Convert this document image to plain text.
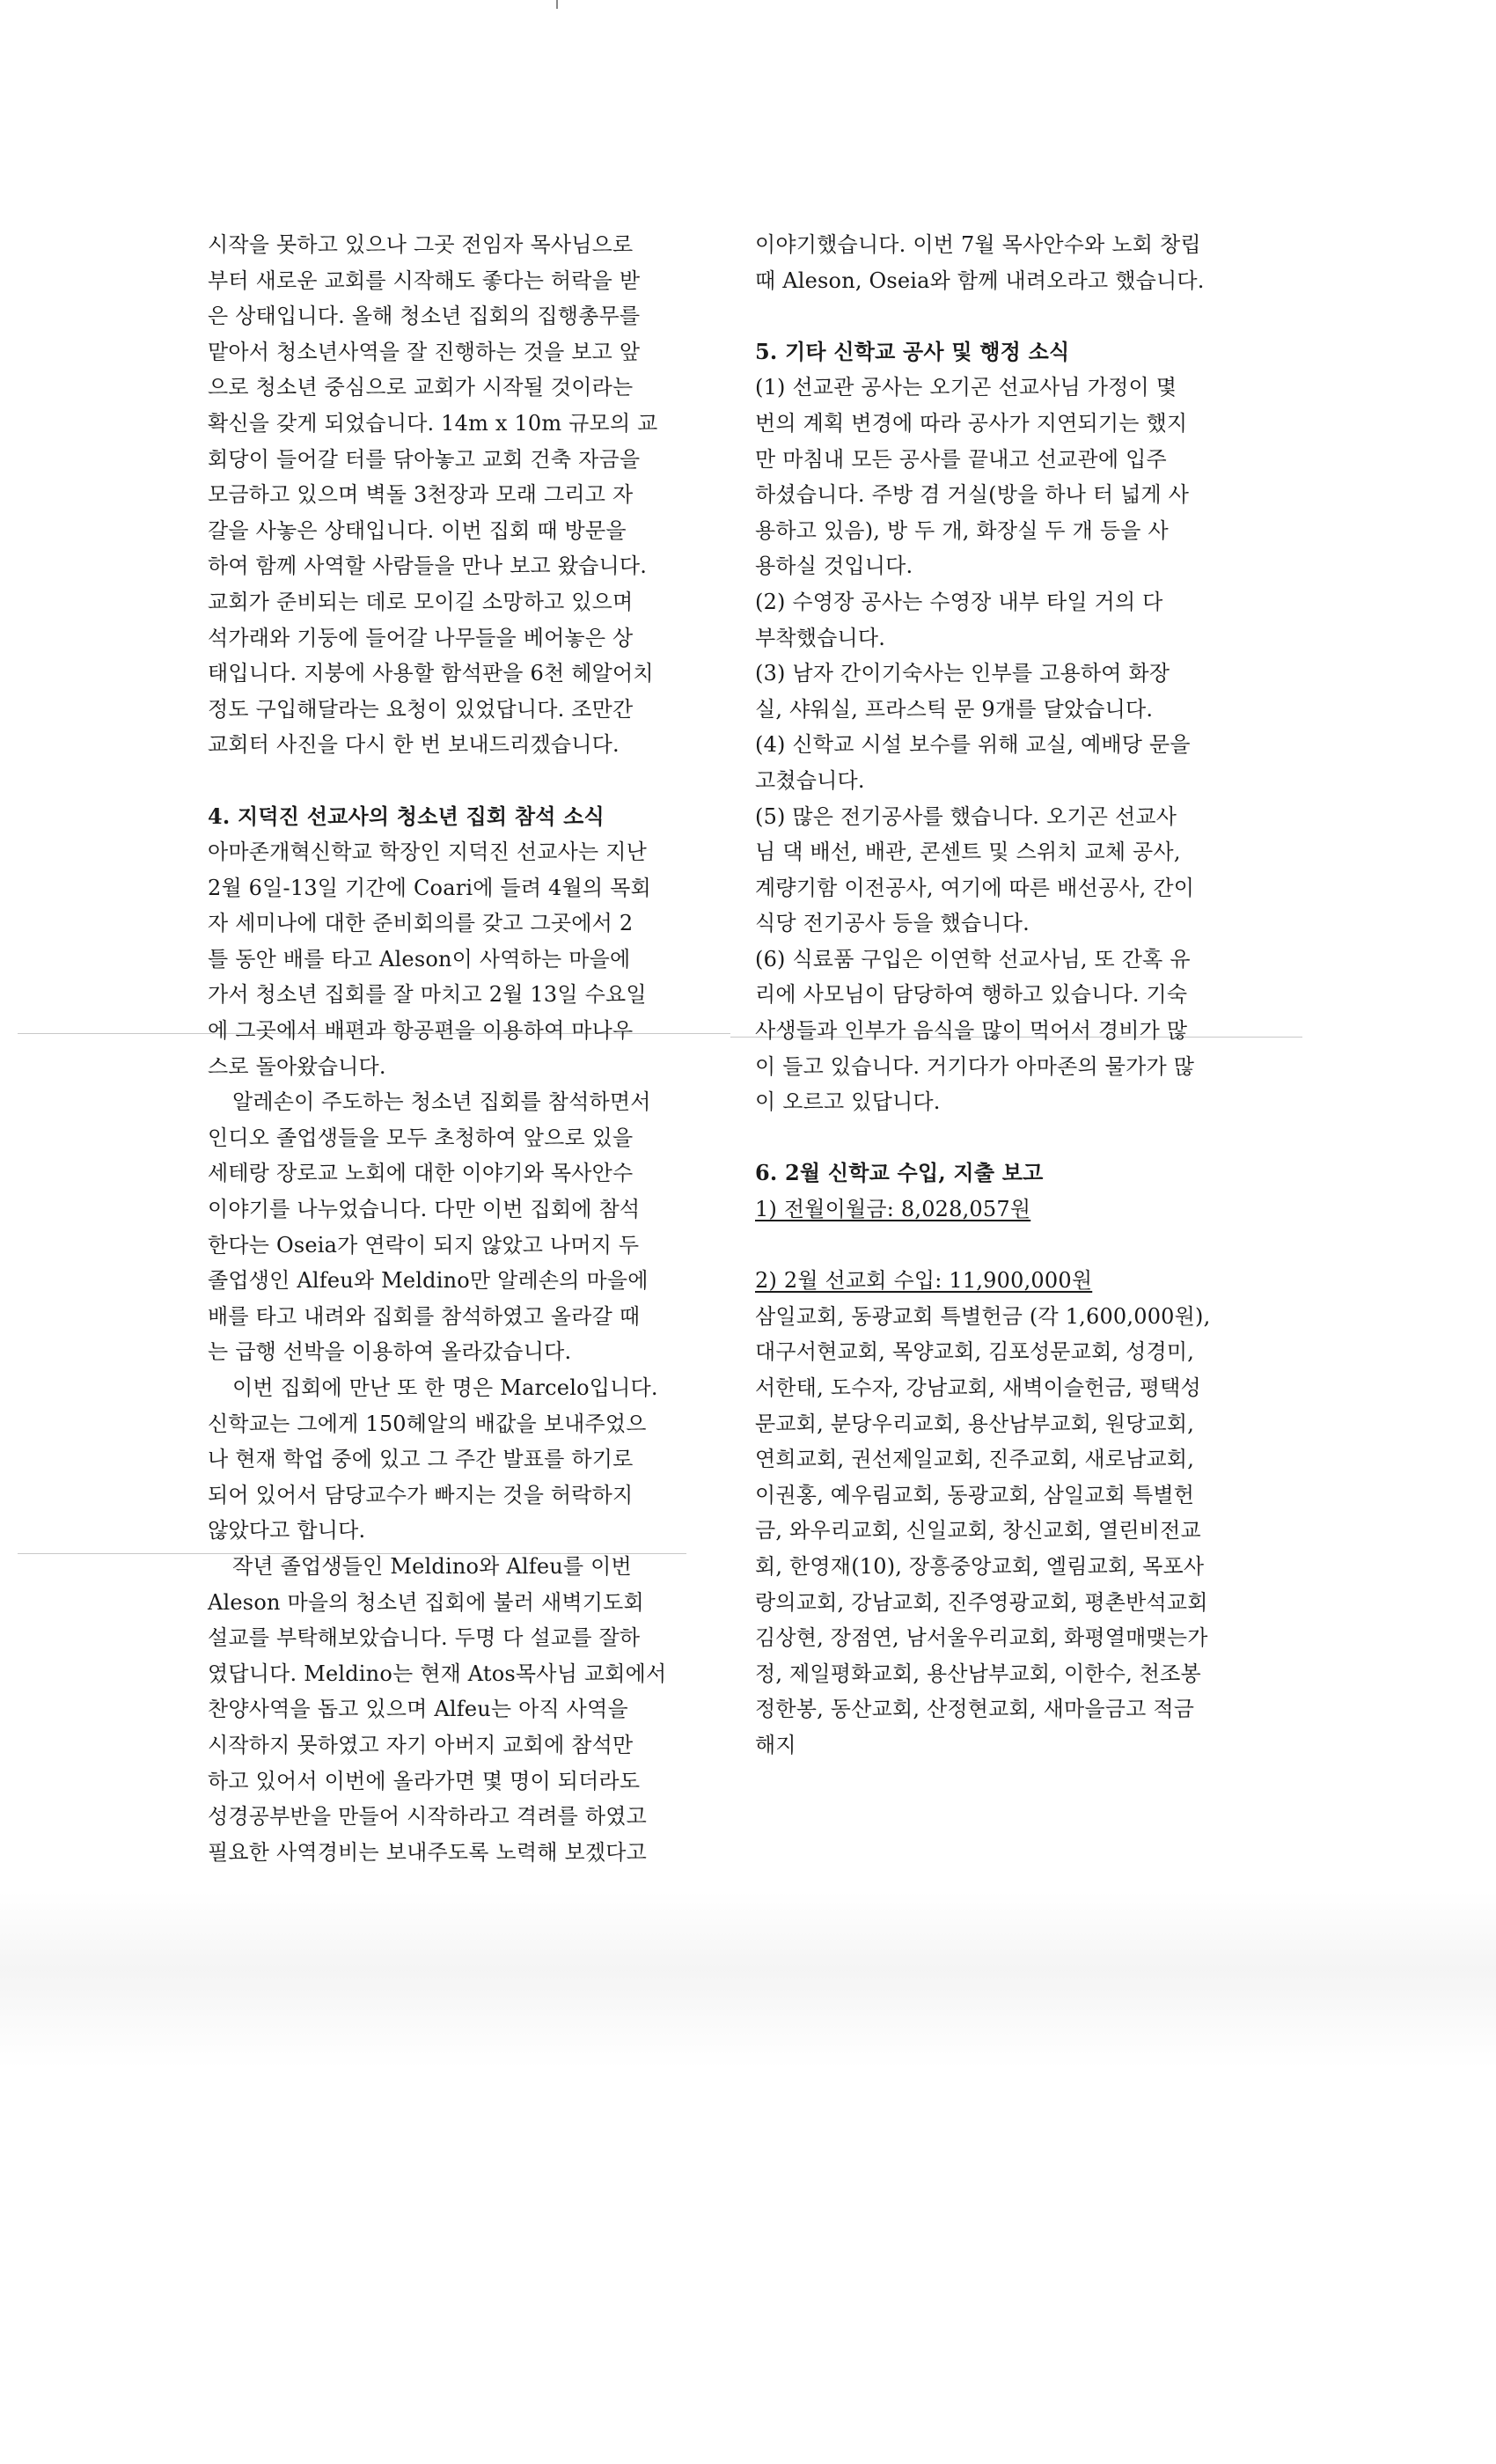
시작을 못하고 있으나 그곳 전임자 목사님으로
부터 새로운 교회를 시작해도 좋다는 허락을 받
은 상태입니다. 올해 청소년 집회의 집행총무를
맡아서 청소년사역을 잘 진행하는 것을 보고 앞
으로 청소년 중심으로 교회가 시작될 것이라는
확신을 갖게 되었습니다. 14m x 10m 규모의 교
회당이 들어갈 터를 닦아놓고 교회 건축 자금을
모금하고 있으며 벽돌 3천장과 모래 그리고 자
갈을 사놓은 상태입니다. 이번 집회 때 방문을
하여 함께 사역할 사람들을 만나 보고 왔습니다.
교회가 준비되는 데로 모이길 소망하고 있으며
석가래와 기둥에 들어갈 나무들을 베어놓은 상
태입니다. 지붕에 사용할 함석판을 6천 헤알어치
정도 구입해달라는 요청이 있었답니다. 조만간
교회터 사진을 다시 한 번 보내드리겠습니다.
4. 지덕진 선교사의 청소년 집회 참석 소식
아마존개혁신학교 학장인 지덕진 선교사는 지난
2월 6일-13일 기간에 Coari에 들려 4월의 목회
자 세미나에 대한 준비회의를 갖고 그곳에서 2
틀 동안 배를 타고 Aleson이 사역하는 마을에
가서 청소년 집회를 잘 마치고 2월 13일 수요일
에 그곳에서 배편과 항공편을 이용하여 마나우
스로 돌아왔습니다.
알레손이 주도하는 청소년 집회를 참석하면서
인디오 졸업생들을 모두 초청하여 앞으로 있을
세테랑 장로교 노회에 대한 이야기와 목사안수
이야기를 나누었습니다. 다만 이번 집회에 참석
한다는 Oseia가 연락이 되지 않았고 나머지 두
졸업생인 Alfeu와 Meldino만 알레손의 마을에
배를 타고 내려와 집회를 참석하였고 올라갈 때
는 급행 선박을 이용하여 올라갔습니다.
이번 집회에 만난 또 한 명은 Marcelo입니다.
신학교는 그에게 150헤알의 배값을 보내주었으
나 현재 학업 중에 있고 그 주간 발표를 하기로
되어 있어서 담당교수가 빠지는 것을 허락하지
않았다고 합니다.
작년 졸업생들인 Meldino와 Alfeu를 이번
Aleson 마을의 청소년 집회에 불러 새벽기도회
설교를 부탁해보았습니다. 두명 다 설교를 잘하
였답니다. Meldino는 현재 Atos목사님 교회에서
찬양사역을 돕고 있으며 Alfeu는 아직 사역을
시작하지 못하였고 자기 아버지 교회에 참석만
하고 있어서 이번에 올라가면 몇 명이 되더라도
성경공부반을 만들어 시작하라고 격려를 하였고
필요한 사역경비는 보내주도록 노력해 보겠다고
이야기했습니다. 이번 7월 목사안수와 노회 창립
때 Aleson, Oseia와 함께 내려오라고 했습니다.
5. 기타 신학교 공사 및 행정 소식
(1) 선교관 공사는 오기곤 선교사님 가정이 몇
번의 계획 변경에 따라 공사가 지연되기는 했지
만 마침내 모든 공사를 끝내고 선교관에 입주
하셨습니다. 주방 겸 거실(방을 하나 터 넓게 사
용하고 있음), 방 두 개, 화장실 두 개 등을 사
용하실 것입니다.
(2) 수영장 공사는 수영장 내부 타일 거의 다
부착했습니다.
(3) 남자 간이기숙사는 인부를 고용하여 화장
실, 샤워실, 프라스틱 문 9개를 달았습니다.
(4) 신학교 시설 보수를 위해 교실, 예배당 문을
고쳤습니다.
(5) 많은 전기공사를 했습니다. 오기곤 선교사
님 댁 배선, 배관, 콘센트 및 스위치 교체 공사,
계량기함 이전공사, 여기에 따른 배선공사, 간이
식당 전기공사 등을 했습니다.
(6) 식료품 구입은 이연학 선교사님, 또 간혹 유
리에 사모님이 담당하여 행하고 있습니다. 기숙
사생들과 인부가 음식을 많이 먹어서 경비가 많
이 들고 있습니다. 거기다가 아마존의 물가가 많
이 오르고 있답니다.
6. 2월 신학교 수입, 지출 보고
1) 전월이월금: 8,028,057원
2) 2월 선교회 수입: 11,900,000원
삼일교회, 동광교회 특별헌금 (각 1,600,000원),
대구서현교회, 목양교회, 김포성문교회, 성경미,
서한태, 도수자, 강남교회, 새벽이슬헌금, 평택성
문교회, 분당우리교회, 용산남부교회, 원당교회,
연희교회, 권선제일교회, 진주교회, 새로남교회,
이권홍, 예우림교회, 동광교회, 삼일교회 특별헌
금, 와우리교회, 신일교회, 창신교회, 열린비전교
회, 한영재(10), 장흥중앙교회, 엘림교회, 목포사
랑의교회, 강남교회, 진주영광교회, 평촌반석교회
김상현, 장점연, 남서울우리교회, 화평열매맺는가
정, 제일평화교회, 용산남부교회, 이한수, 천조봉
정한봉, 동산교회, 산정현교회, 새마을금고 적금
해지
